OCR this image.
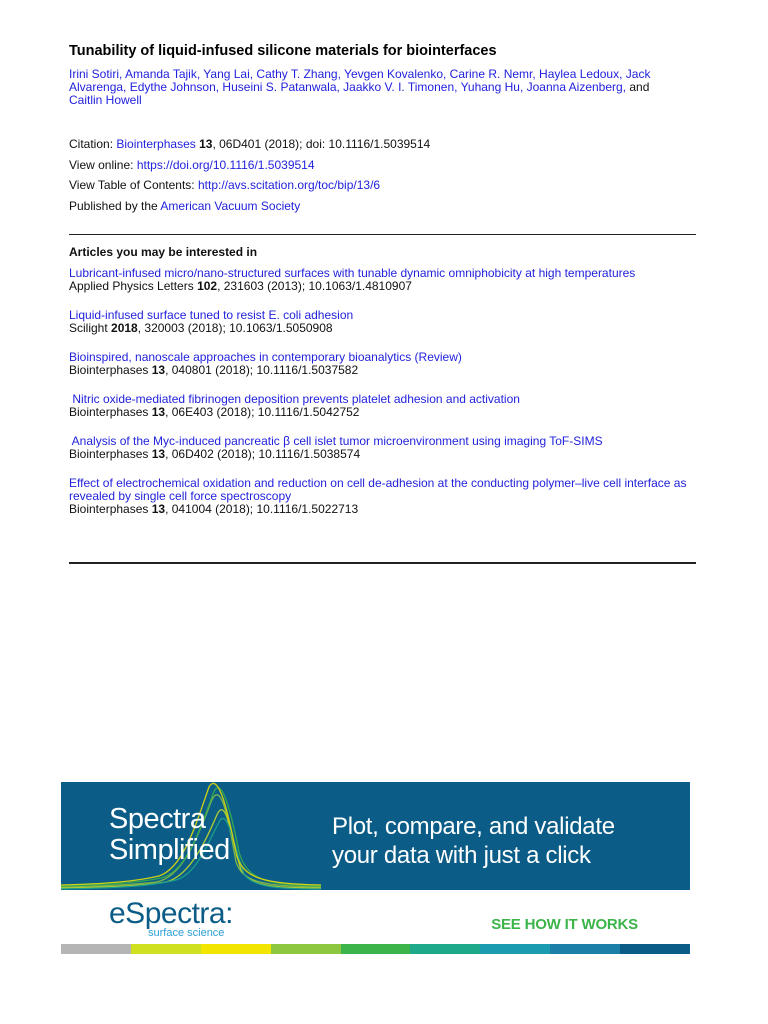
Tunability of liquid-infused silicone materials for biointerfaces
Irini Sotiri, Amanda Tajik, Yang Lai, Cathy T. Zhang, Yevgen Kovalenko, Carine R. Nemr, Haylea Ledoux, Jack
Alvarenga, Edythe Johnson, Huseini S. Patanwala, Jaakko V. I. Timonen, Yuhang Hu, Joanna Aizenberg, and
Caitlin Howell
Citation: Biointerphases 13, 06D401 (2018); doi: 10.1116/1.5039514
View online: https://doi.org/10.1116/1.5039514
View Table of Contents: http://avs.scitation.org/toc/bip/13/6
Published by the American Vacuum Society
Articles you may be interested in
Lubricant-infused micro/nano-structured surfaces with tunable dynamic omniphobicity at high temperatures
Applied Physics Letters 102, 231603 (2013); 10.1063/1.4810907
Liquid-infused surface tuned to resist E. coli adhesion
Scilight 2018, 320003 (2018); 10.1063/1.5050908
Bioinspired, nanoscale approaches in contemporary bioanalytics (Review)
Biointerphases 13, 040801 (2018); 10.1116/1.5037582
Nitric oxide-mediated fibrinogen deposition prevents platelet adhesion and activation
Biointerphases 13, 06E403 (2018); 10.1116/1.5042752
Analysis of the Myc-induced pancreatic β cell islet tumor microenvironment using imaging ToF-SIMS
Biointerphases 13, 06D402 (2018); 10.1116/1.5038574
Effect of electrochemical oxidation and reduction on cell de-adhesion at the conducting polymer–live cell interface as revealed by single cell force spectroscopy
Biointerphases 13, 041004 (2018); 10.1116/1.5022713
Spectra
Simplified
Plot, compare, and validate
your data with just a click
eSpectra:
surface science	SEE HOW IT WORKS
